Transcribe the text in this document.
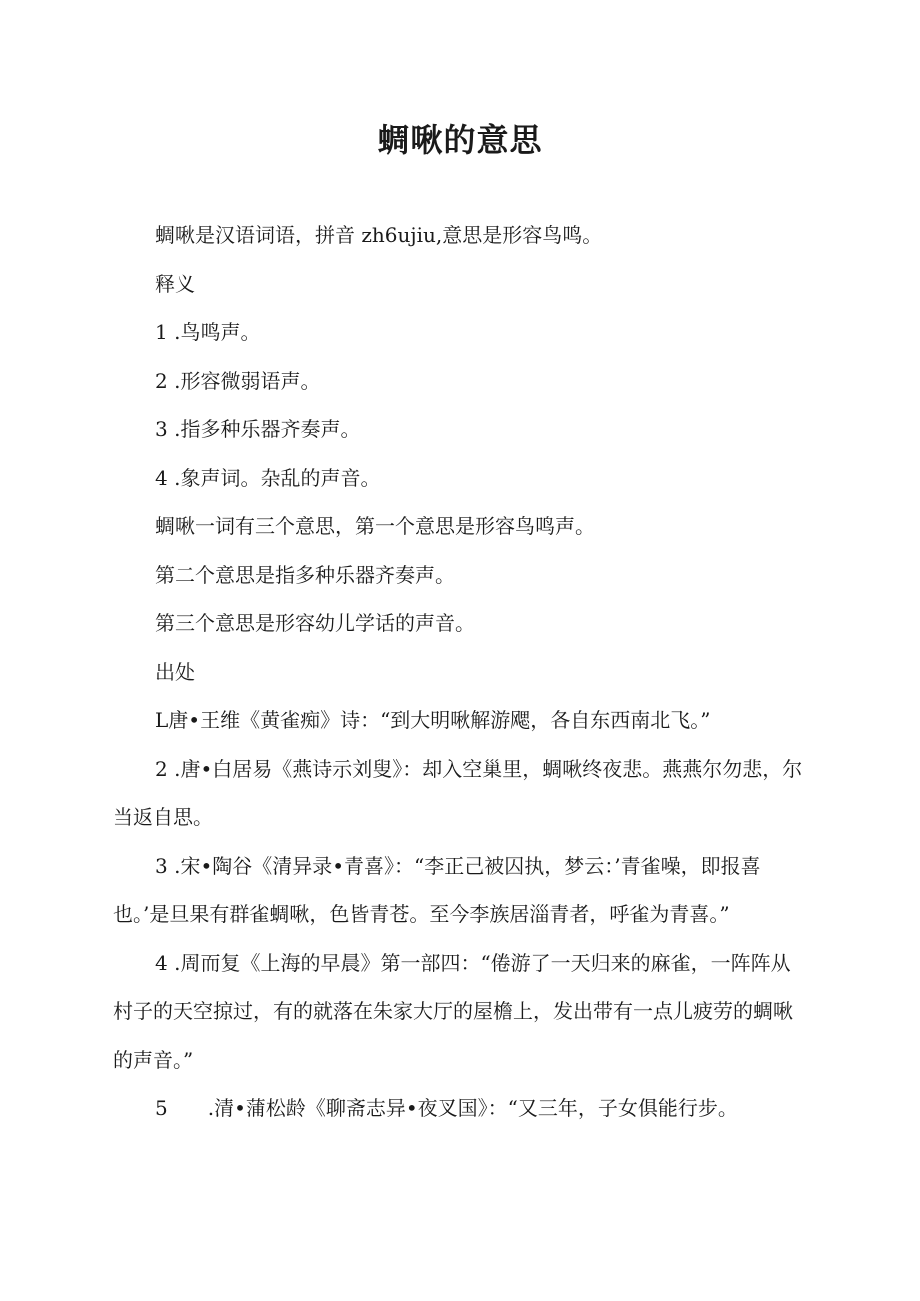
蜩啾的意思

蜩啾是汉语词语，拼音 zh6ujiu,意思是形容鸟鸣。

释义

1 .鸟鸣声。

2 .形容微弱语声。

3 .指多种乐器齐奏声。

4 .象声词。杂乱的声音。

蜩啾一词有三个意思，第一个意思是形容鸟鸣声。

第二个意思是指多种乐器齐奏声。

第三个意思是形容幼儿学话的声音。

出处

L唐•王维《黄雀痴》诗：“到大明啾解游飔，各自东西南北飞。”

2 .唐•白居易《燕诗示刘叟》：却入空巢里，蜩啾终夜悲。燕燕尔勿悲，尔当返自思。

3 .宋•陶谷《清异录•青喜》：“李正己被囚执，梦云：’青雀噪，即报喜也。’是旦果有群雀蜩啾，色皆青苍。至今李族居淄青者，呼雀为青喜。”

4 .周而复《上海的早晨》第一部四：“倦游了一天归来的麻雀，一阵阵从村子的天空掠过，有的就落在朱家大厅的屋檐上，发出带有一点儿疲劳的蜩啾的声音。”

5　　.清•蒲松龄《聊斋志异•夜叉国》：“又三年，子女俱能行步。
